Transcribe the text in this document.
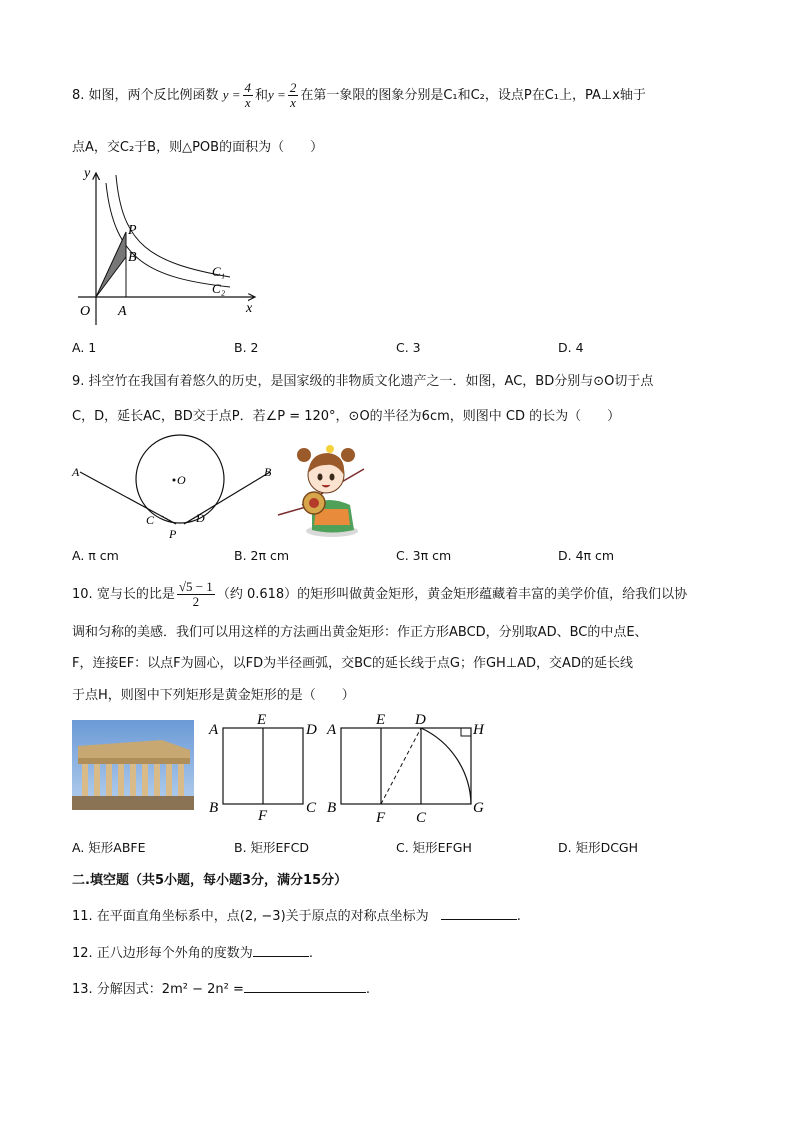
8. 如图，两个反比例函数 $y = \frac{4}{x}$ 和$y = \frac{2}{x}$ 在第一象限的图象分别是C₁和C₂，设点P在C₁上，PA⊥x轴于
点A，交C₂于B，则△POB的面积为（　　）
y
x
O A
P
B
C₁
C₂
A. 1	B. 2	C. 3	D. 4
9. 抖空竹在我国有着悠久的历史，是国家级的非物质文化遗产之一．如图，AC，BD分别与⊙O切于点
C，D，延长AC，BD交于点P．若∠P = 120°，⊙O的半径为6cm，则图中 CD 的长为（　　）
A	B
O
C	D
P
A. π cm	B. 2π cm	C. 3π cm	D. 4π cm
10. 宽与长的比是 $\frac{√5 - 1}{2}$ （约 0.618）的矩形叫做黄金矩形，黄金矩形蕴藏着丰富的美学价值，给我们以协
调和匀称的美感．我们可以用这样的方法画出黄金矩形：作正方形ABCD，分别取AD、BC的中点E、
F，连接EF：以点F为圆心，以FD为半径画弧，交BC的延长线于点G；作GH⊥AD，交AD的延长线
于点H，则图中下列矩形是黄金矩形的是（　　）
A
E
D
B	F	C
A
E D
H
B
F C
G
A. 矩形ABFE	B. 矩形EFCD	C. 矩形EFGH	D. 矩形DCGH
二.填空题（共5小题，每小题3分，满分15分）
11. 在平面直角坐标系中，点(2, −3)关于原点的对称点坐标为	.
12. 正八边形每个外角的度数为	.
13. 分解因式：2m² − 2n² =	.
